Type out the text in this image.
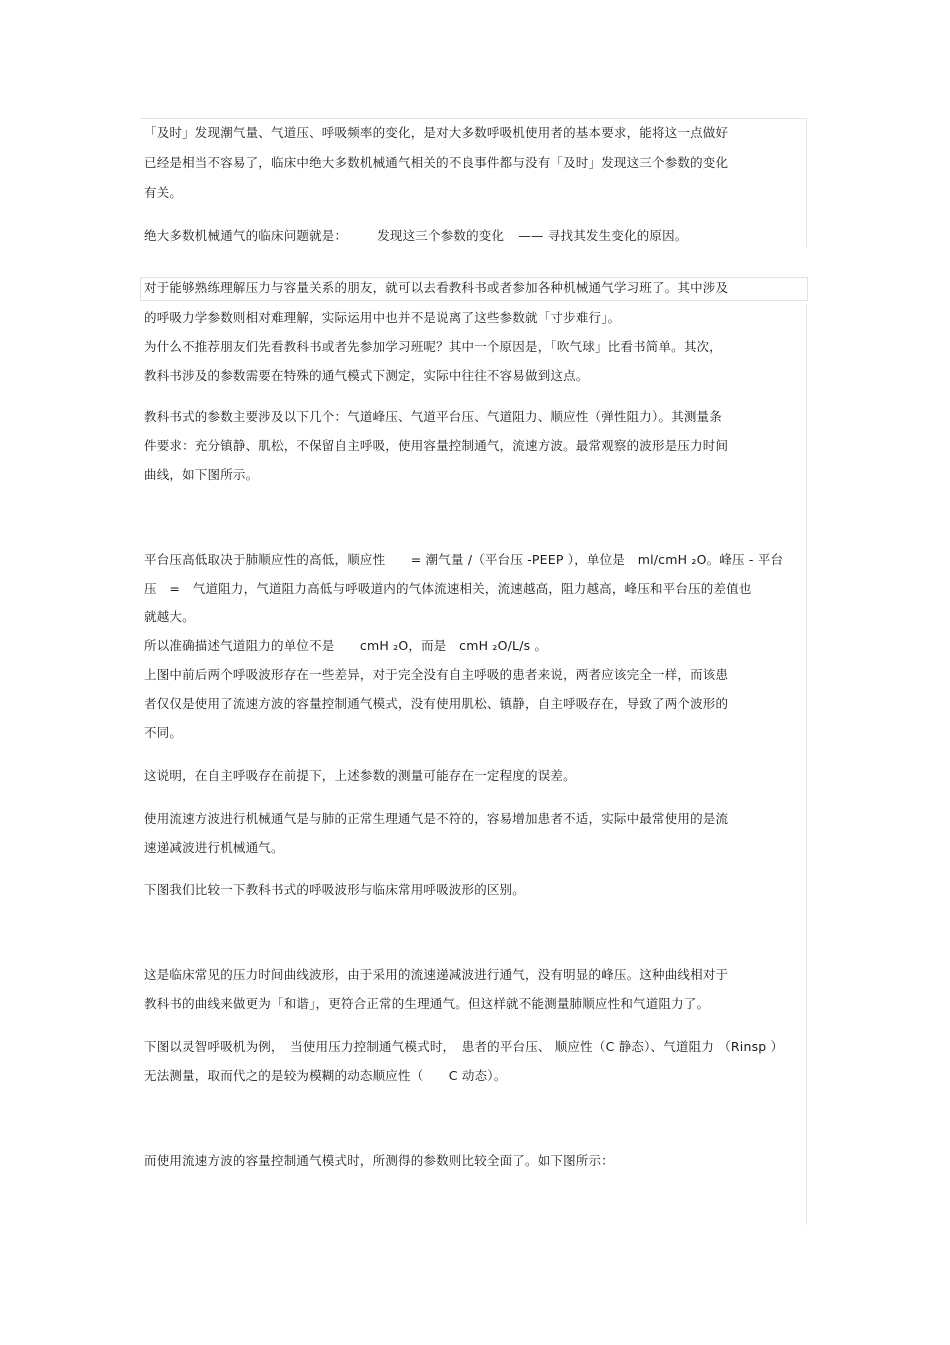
「及时」发现潮气量、气道压、呼吸频率的变化，是对大多数呼吸机使用者的基本要求，能将这一点做好
已经是相当不容易了，临床中绝大多数机械通气相关的不良事件都与没有「及时」发现这三个参数的变化
有关。
绝大多数机械通气的临床问题就是： 发现这三个参数的变化 —— 寻找其发生变化的原因。
对于能够熟练理解压力与容量关系的朋友，就可以去看教科书或者参加各种机械通气学习班了。其中涉及
的呼吸力学参数则相对难理解，实际运用中也并不是说离了这些参数就「寸步难行」。
为什么不推荐朋友们先看教科书或者先参加学习班呢？其中一个原因是，「吹气球」比看书简单。其次，
教科书涉及的参数需要在特殊的通气模式下测定，实际中往往不容易做到这点。
教科书式的参数主要涉及以下几个：气道峰压、气道平台压、气道阻力、顺应性（弹性阻力）。其测量条
件要求：充分镇静、肌松，不保留自主呼吸，使用容量控制通气，流速方波。最常观察的波形是压力时间
曲线，如下图所示。
平台压高低取决于肺顺应性的高低，顺应性　　= 潮气量 /（平台压 -PEEP ），单位是　ml/cmH ₂O。峰压 - 平台
压　=　气道阻力，气道阻力高低与呼吸道内的气体流速相关，流速越高，阻力越高，峰压和平台压的差值也
就越大。
所以准确描述气道阻力的单位不是　　cmH ₂O，而是　cmH ₂O/L/s 。
上图中前后两个呼吸波形存在一些差异，对于完全没有自主呼吸的患者来说，两者应该完全一样，而该患
者仅仅是使用了流速方波的容量控制通气模式，没有使用肌松、镇静，自主呼吸存在，导致了两个波形的
不同。
这说明，在自主呼吸存在前提下，上述参数的测量可能存在一定程度的误差。
使用流速方波进行机械通气是与肺的正常生理通气是不符的，容易增加患者不适，实际中最常使用的是流
速递减波进行机械通气。
下图我们比较一下教科书式的呼吸波形与临床常用呼吸波形的区别。
这是临床常见的压力时间曲线波形，由于采用的流速递减波进行通气，没有明显的峰压。这种曲线相对于
教科书的曲线来做更为「和谐」，更符合正常的生理通气。但这样就不能测量肺顺应性和气道阻力了。
下图以灵智呼吸机为例，　当使用压力控制通气模式时，　患者的平台压、 顺应性（C 静态）、气道阻力 （Rinsp ）
无法测量，取而代之的是较为模糊的动态顺应性（　　C 动态）。
而使用流速方波的容量控制通气模式时，所测得的参数则比较全面了。如下图所示：
